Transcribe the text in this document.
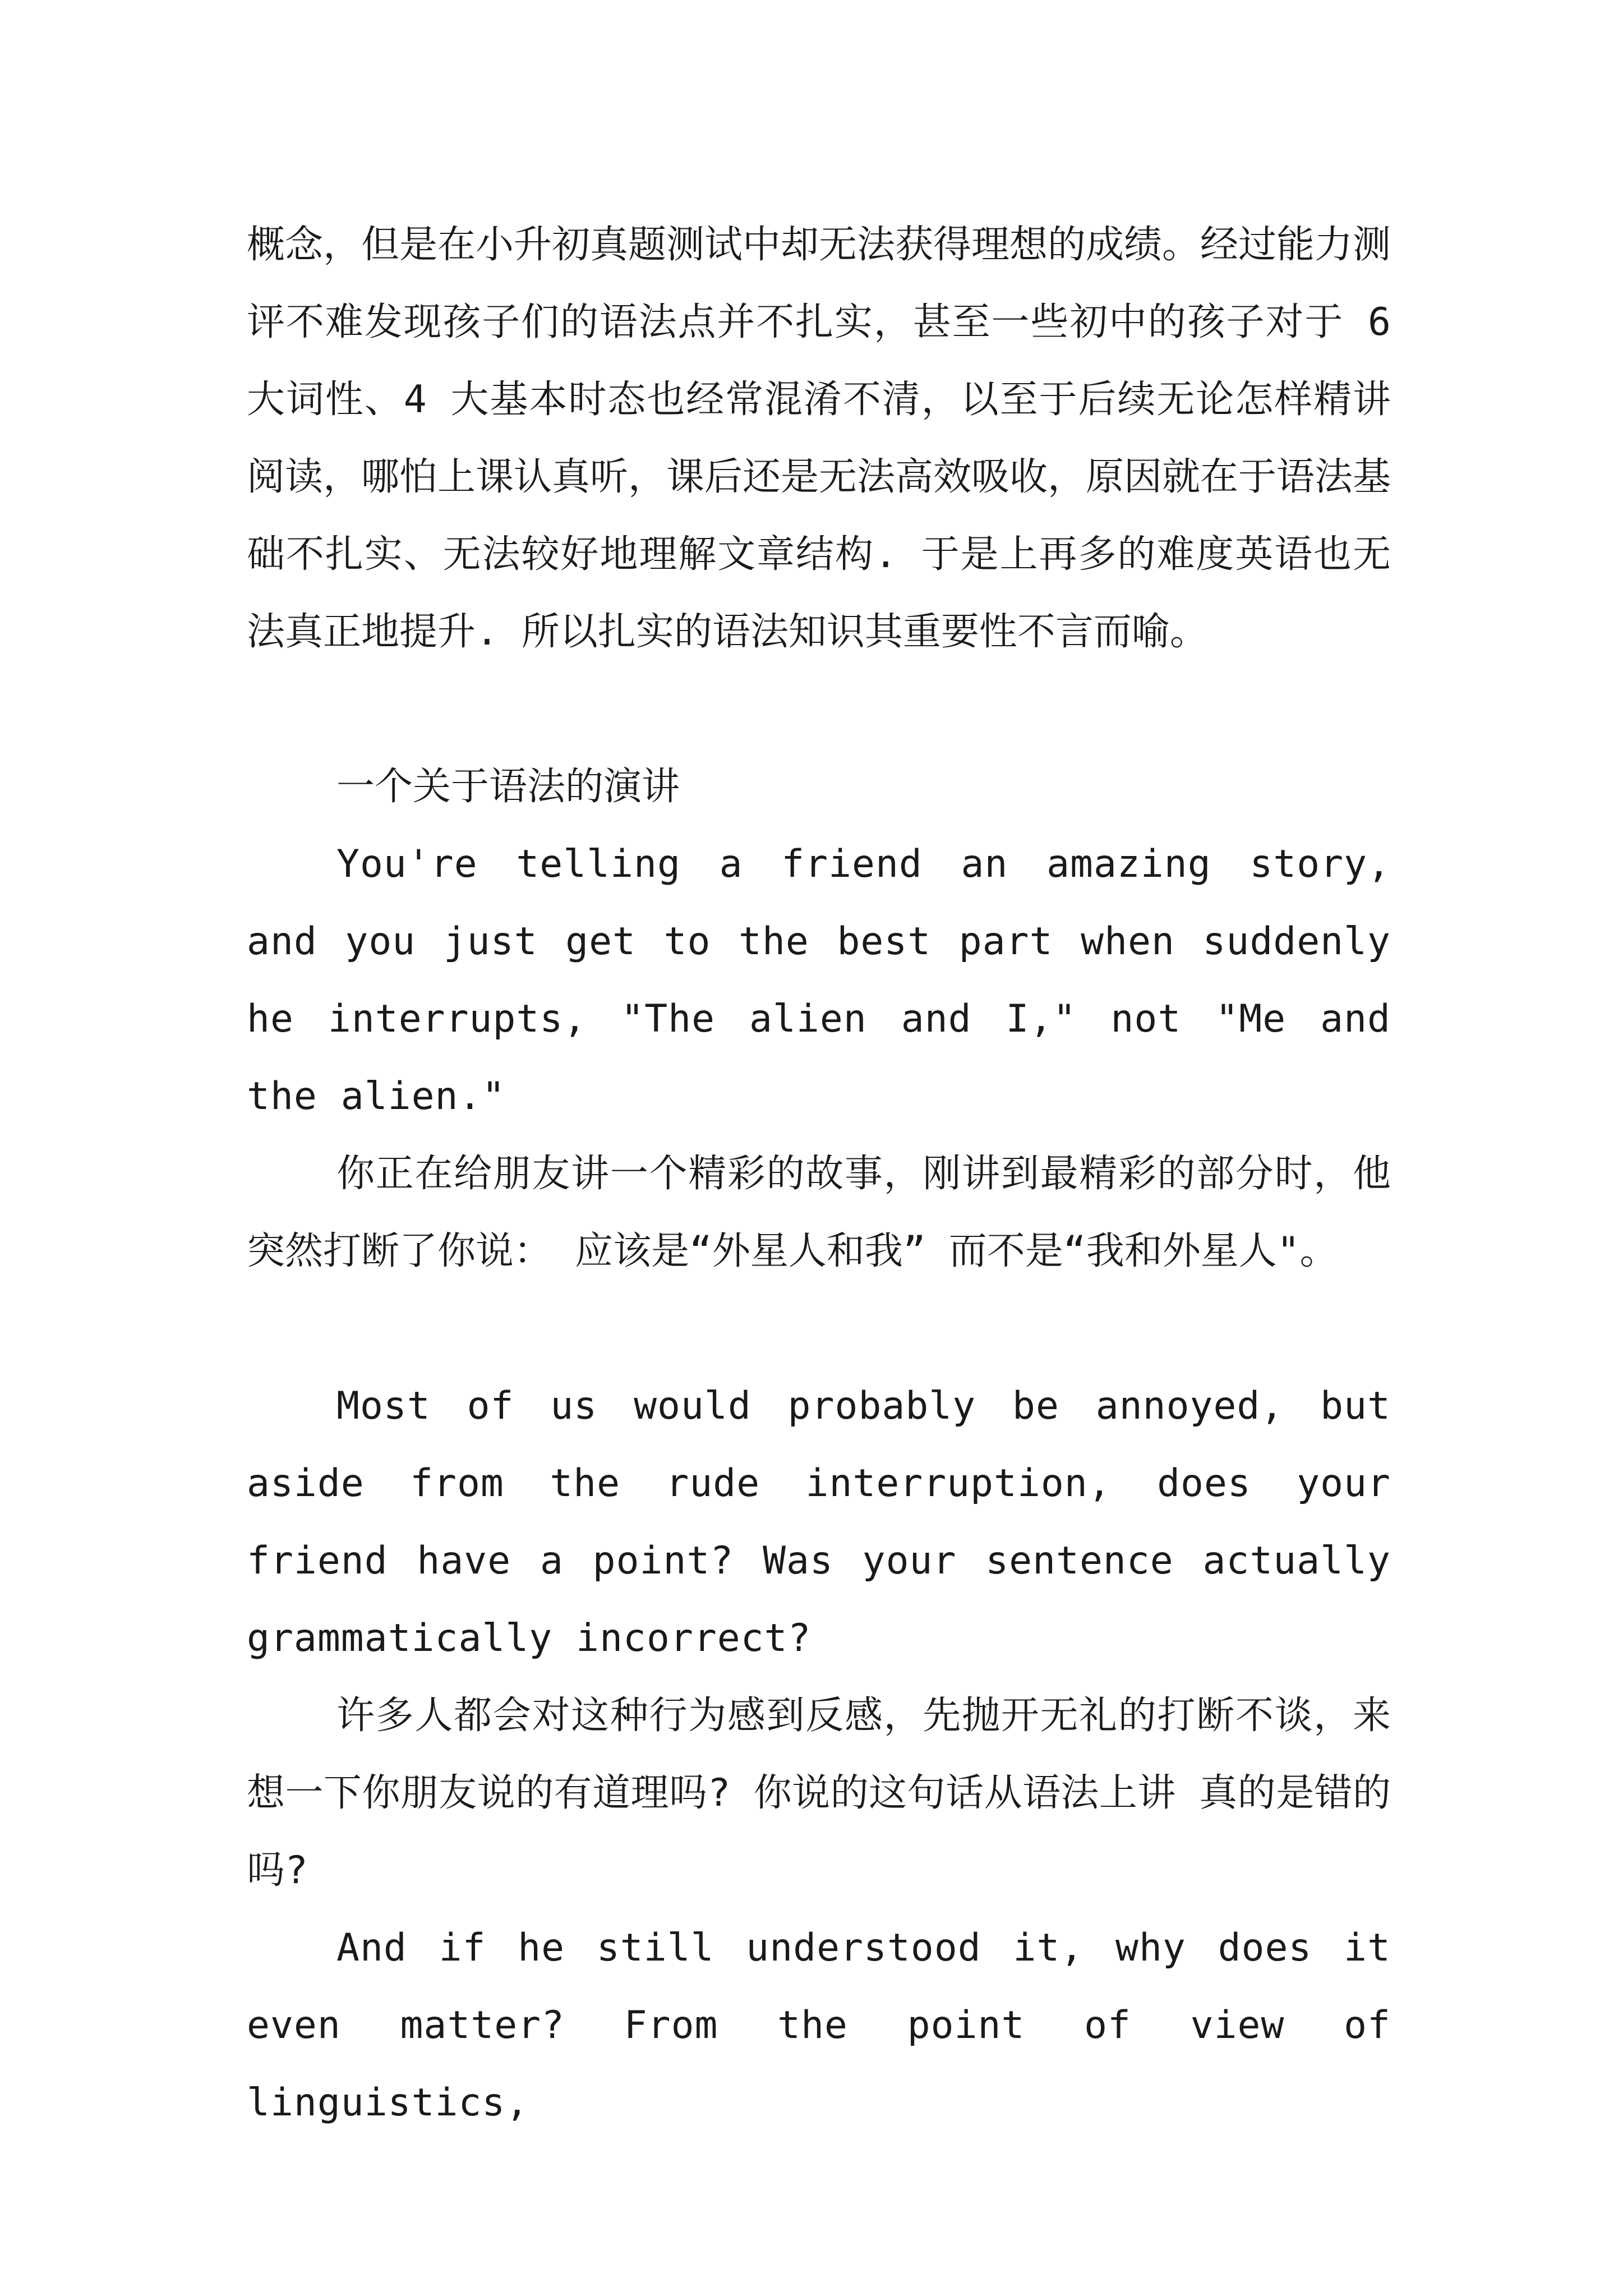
概念，但是在小升初真题测试中却无法获得理想的成绩。经过能力测评不难发现孩子们的语法点并不扎实，甚至一些初中的孩子对于 6 大词性、4 大基本时态也经常混淆不清，以至于后续无论怎样精讲阅读，哪怕上课认真听，课后还是无法高效吸收，原因就在于语法基础不扎实、无法较好地理解文章结构. 于是上再多的难度英语也无法真正地提升. 所以扎实的语法知识其重要性不言而喻。

一个关于语法的演讲

You're telling a friend an amazing story, and you just get to the best part when suddenly he interrupts, "The alien and I," not "Me and the alien."

你正在给朋友讲一个精彩的故事，刚讲到最精彩的部分时，他突然打断了你说： 应该是“外星人和我” 而不是“我和外星人"。

Most of us would probably be annoyed, but aside from the rude interruption, does your friend have a point? Was your sentence actually grammatically incorrect?

许多人都会对这种行为感到反感，先抛开无礼的打断不谈，来想一下你朋友说的有道理吗? 你说的这句话从语法上讲 真的是错的吗?

And if he still understood it, why does it even matter? From the point of view of linguistics,
